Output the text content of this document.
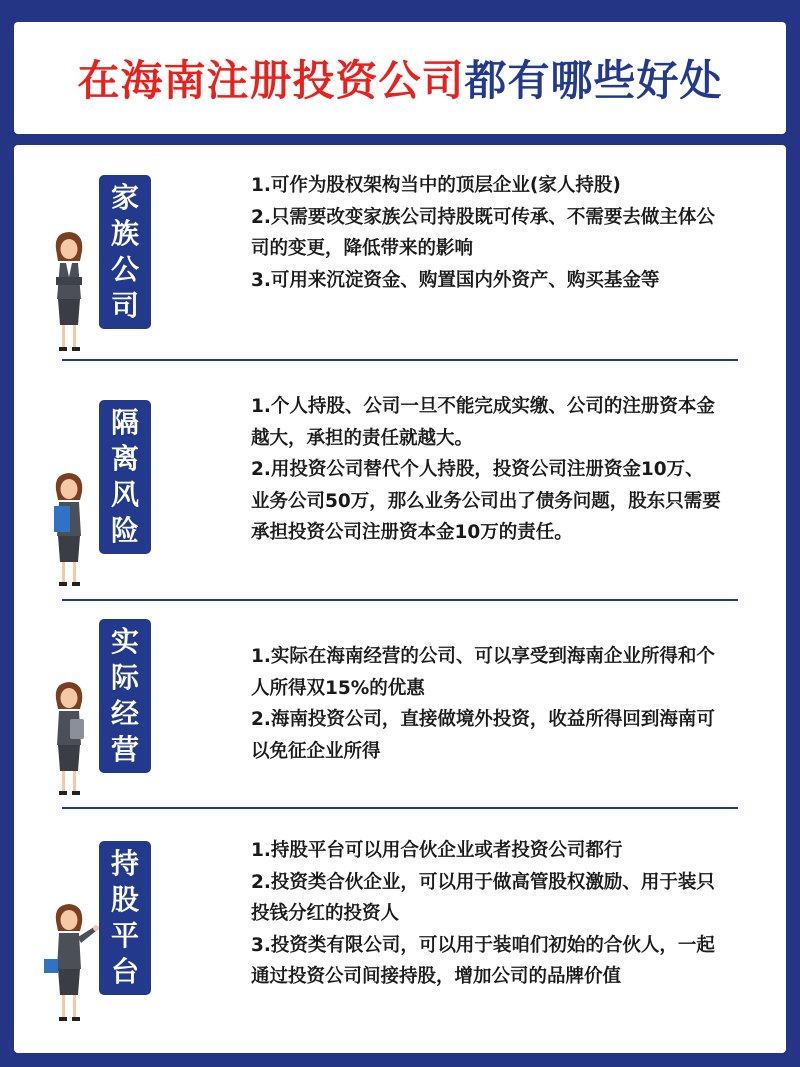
在海南注册投资公司都有哪些好处
家
族
公
司

1.可作为股权架构当中的顶层企业(家人持股)

2.只需要改变家族公司持股既可传承、不需要去做主体公司的变更，降低带来的影响

3.可用来沉淀资金、购置国内外资产、购买基金等

隔
离
风
险

1.个人持股、公司一旦不能完成实缴、公司的注册资本金越大，承担的责任就越大。

2.用投资公司替代个人持股，投资公司注册资金10万、业务公司50万，那么业务公司出了债务问题，股东只需要承担投资公司注册资本金10万的责任。

实
际
经
营

1.实际在海南经营的公司、可以享受到海南企业所得和个人所得双15%的优惠

2.海南投资公司，直接做境外投资，收益所得回到海南可以免征企业所得

持
股
平
台

1.持股平台可以用合伙企业或者投资公司都行

2.投资类合伙企业，可以用于做高管股权激励、用于装只投钱分红的投资人

3.投资类有限公司，可以用于装咱们初始的合伙人，一起通过投资公司间接持股，增加公司的品牌价值
